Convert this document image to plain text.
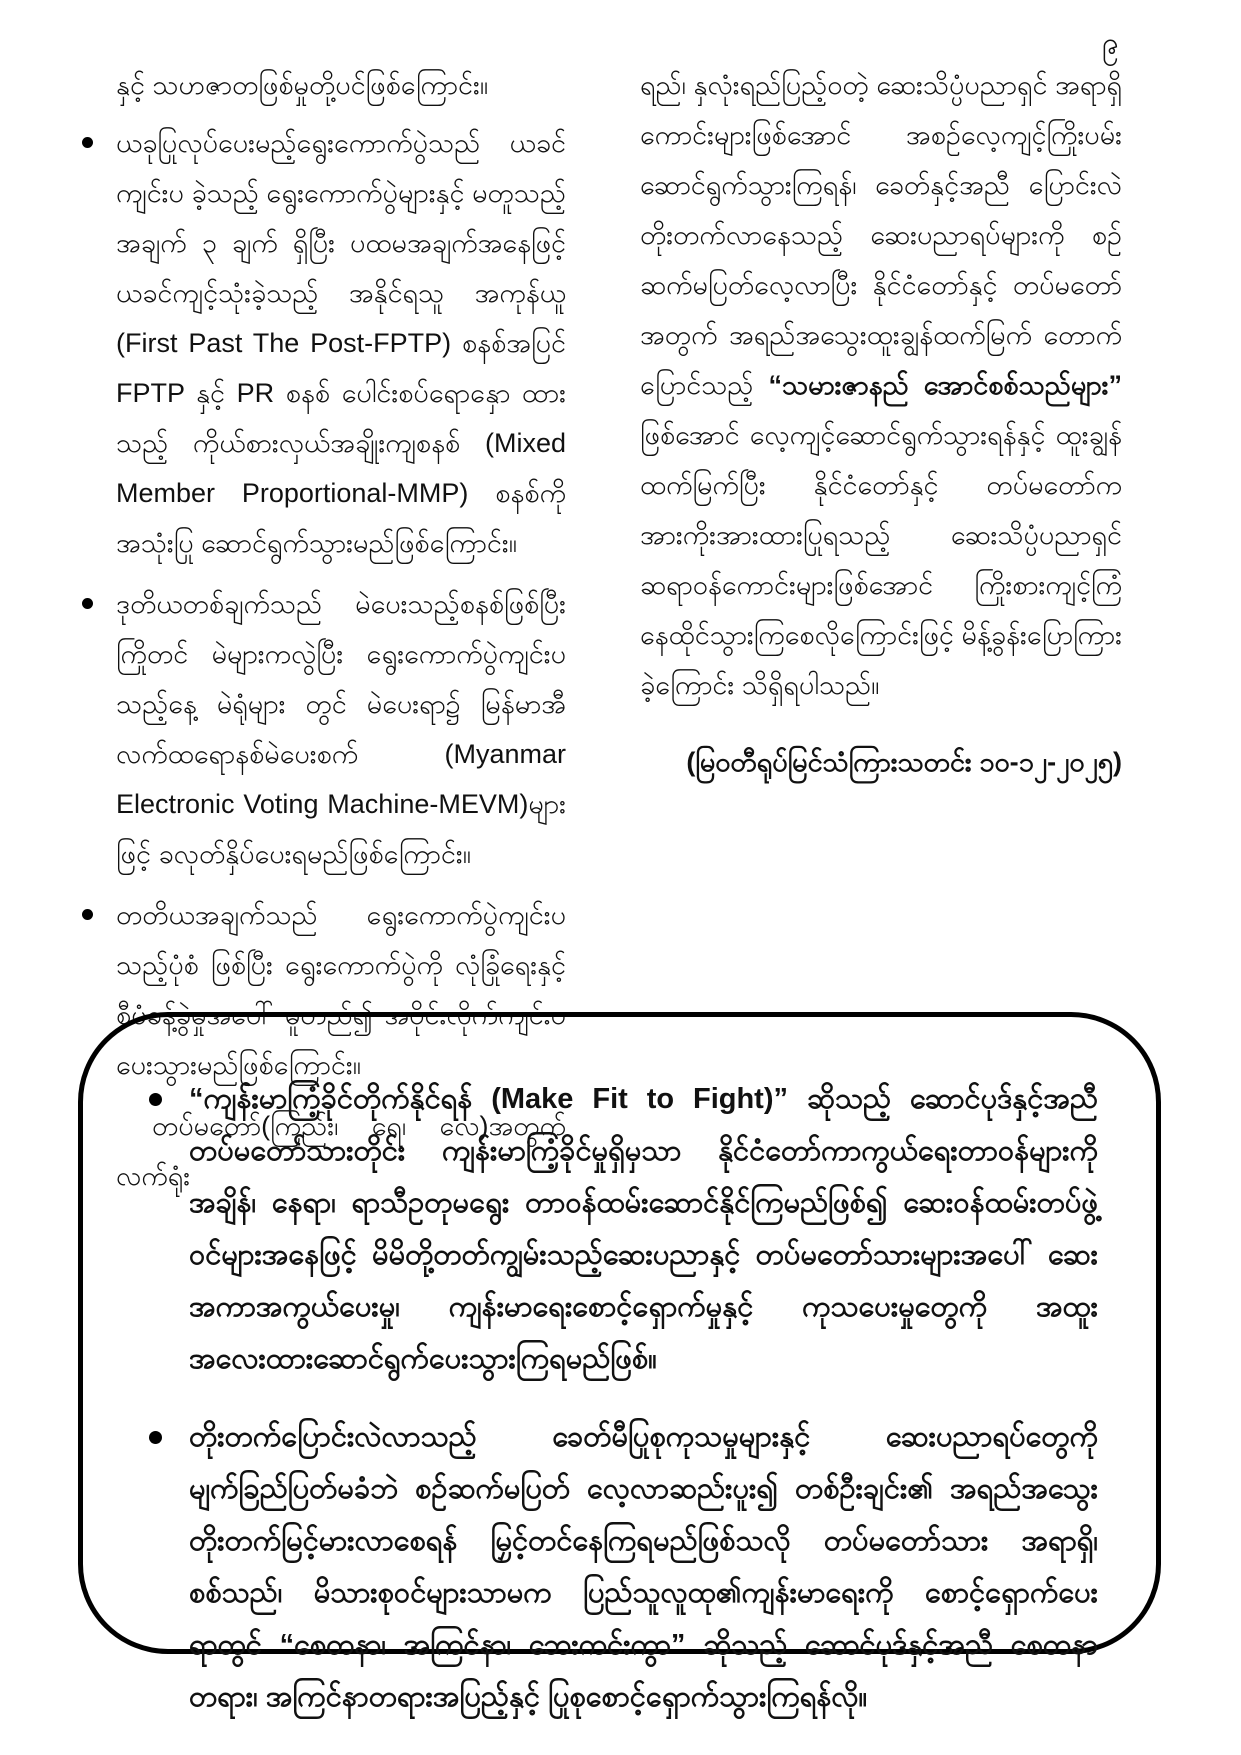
၉

နှင့် သဟဇာတဖြစ်မှုတို့ပင်ဖြစ်ကြောင်း။

ယခုပြုလုပ်ပေးမည့်ရွေးကောက်ပွဲသည် ယခင်ကျင်းပ ခဲ့သည့် ရွေးကောက်ပွဲများနှင့် မတူသည့်အချက် ၃ ချက် ရှိပြီး ပထမအချက်အနေဖြင့် ယခင်ကျင့်သုံးခဲ့သည့် အနိုင်ရသူ အကုန်ယူ (First Past The Post-FPTP) စနစ်အပြင် FPTP နှင့် PR စနစ် ပေါင်းစပ်ရောနှော ထားသည့် ကိုယ်စားလှယ်အချိုးကျစနစ် (Mixed Member Proportional-MMP) စနစ်ကို အသုံးပြု ဆောင်ရွက်သွားမည်ဖြစ်ကြောင်း။
ဒုတိယတစ်ချက်သည် မဲပေးသည့်စနစ်ဖြစ်ပြီး ကြိုတင် မဲများကလွဲပြီး ရွေးကောက်ပွဲကျင်းပသည့်နေ့ မဲရုံများ တွင် မဲပေးရာ၌ မြန်မာအီလက်ထရောနစ်မဲပေးစက် (Myanmar Electronic Voting Machine-MEVM)များ ဖြင့် ခလုတ်နှိပ်ပေးရမည်ဖြစ်ကြောင်း။
တတိယအချက်သည် ရွေးကောက်ပွဲကျင်းပသည့်ပုံစံ ဖြစ်ပြီး ရွေးကောက်ပွဲကို လုံခြုံရေးနှင့် စီမံခန့်ခွဲမှုအပေါ် မူတည်၍ အပိုင်းလိုက်ကျင်းပပေးသွားမည်ဖြစ်ကြောင်း။

တပ်မတော်(ကြည်း၊ ရေ၊ လေ)အတွက် လက်ရုံး

ရည်၊ နှလုံးရည်ပြည့်ဝတဲ့ ဆေးသိပ္ပံပညာရှင် အရာရှိကောင်းများဖြစ်အောင် အစဉ်လေ့ကျင့်ကြိုးပမ်းဆောင်ရွက်သွားကြရန်၊ ခေတ်နှင့်အညီ ပြောင်းလဲတိုးတက်လာနေသည့် ဆေးပညာရပ်များကို စဉ်ဆက်မပြတ်လေ့လာပြီး နိုင်ငံတော်နှင့် တပ်မတော်အတွက် အရည်အသွေးထူးချွန်ထက်မြက် တောက်ပြောင်သည့် “သမားဇာနည် အောင်စစ်သည်များ” ဖြစ်အောင် လေ့ကျင့်ဆောင်ရွက်သွားရန်နှင့် ထူးချွန်ထက်မြက်ပြီး နိုင်ငံတော်နှင့် တပ်မတော်က အားကိုးအားထားပြုရသည့် ဆေးသိပ္ပံပညာရှင်ဆရာဝန်ကောင်းများဖြစ်အောင် ကြိုးစားကျင့်ကြံ နေထိုင်သွားကြစေလိုကြောင်းဖြင့် မိန့်ခွန်းပြောကြားခဲ့ကြောင်း သိရှိရပါသည်။

(မြဝတီရုပ်မြင်သံကြားသတင်း ၁၀-၁၂-၂၀၂၅)

“ကျန်းမာကြံ့ခိုင်တိုက်နိုင်ရန် (Make Fit to Fight)” ဆိုသည့် ဆောင်ပုဒ်နှင့်အညီ တပ်မတော်သားတိုင်း ကျန်းမာကြံ့ခိုင်မှုရှိမှသာ နိုင်ငံတော်ကာကွယ်ရေးတာဝန်များကို အချိန်၊ နေရာ၊ ရာသီဥတုမရွေး တာဝန်ထမ်းဆောင်နိုင်ကြမည်ဖြစ်၍ ဆေးဝန်ထမ်းတပ်ဖွဲ့ဝင်များအနေဖြင့် မိမိတို့တတ်ကျွမ်းသည့်ဆေးပညာနှင့် တပ်မတော်သားများအပေါ် ဆေးအကာအကွယ်ပေးမှု၊ ကျန်းမာရေးစောင့်ရှောက်မှုနှင့် ကုသပေးမှုတွေကို အထူးအလေးထားဆောင်ရွက်ပေးသွားကြရမည်ဖြစ်။
တိုးတက်ပြောင်းလဲလာသည့် ခေတ်မီပြုစုကုသမှုများနှင့် ဆေးပညာရပ်တွေကို မျက်ခြည်ပြတ်မခံဘဲ စဉ်ဆက်မပြတ် လေ့လာဆည်းပူး၍ တစ်ဦးချင်း၏ အရည်အသွေးတိုးတက်မြင့်မားလာစေရန် မြှင့်တင်နေကြရမည်ဖြစ်သလို တပ်မတော်သား အရာရှိ၊ စစ်သည်၊ မိသားစုဝင်များသာမက ပြည်သူလူထု၏ကျန်းမာရေးကို စောင့်ရှောက်ပေးရာတွင် “စေတနာ၊ အကြင်နာ၊ ဘေးကင်းကွာ” ဆိုသည့် ဆောင်ပုဒ်နှင့်အညီ စေတနာတရား၊ အကြင်နာတရားအပြည့်နှင့် ပြုစုစောင့်ရှောက်သွားကြရန်လို။
